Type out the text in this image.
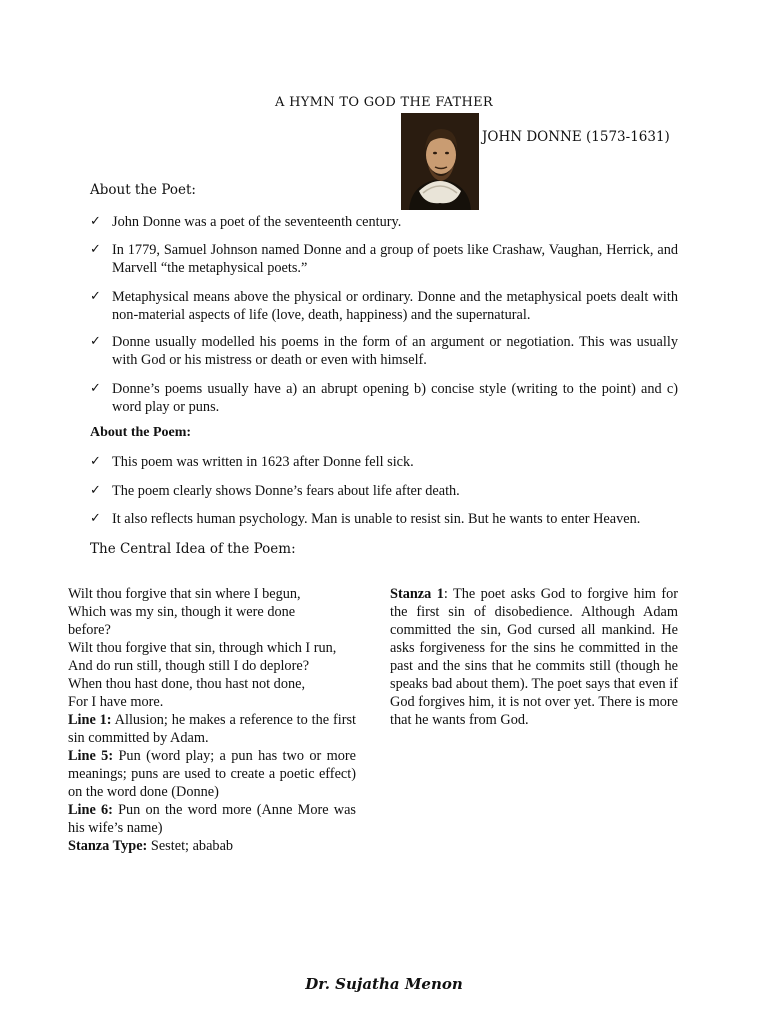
A HYMN TO GOD THE FATHER
JOHN DONNE (1573-1631)
About the Poet:
✓ John Donne was a poet of the seventeenth century.
✓ In 1779, Samuel Johnson named Donne and a group of poets like Crashaw, Vaughan, Herrick, and Marvell “the metaphysical poets.”
✓ Metaphysical means above the physical or ordinary. Donne and the metaphysical poets dealt with non-material aspects of life (love, death, happiness) and the supernatural.
✓ Donne usually modelled his poems in the form of an argument or negotiation. This was usually with God or his mistress or death or even with himself.
✓ Donne’s poems usually have a) an abrupt opening b) concise style (writing to the point) and c) word play or puns.
About the Poem:
✓ This poem was written in 1623 after Donne fell sick.
✓ The poem clearly shows Donne’s fears about life after death.
✓ It also reflects human psychology. Man is unable to resist sin. But he wants to enter Heaven.
The Central Idea of the Poem:
Wilt thou forgive that sin where I begun,
Which was my sin, though it were done
before?
Wilt thou forgive that sin, through which I run,
And do run still, though still I do deplore?
When thou hast done, thou hast not done,
For I have more.
Line 1: Allusion; he makes a reference to the first sin committed by Adam.
Line 5: Pun (word play; a pun has two or more meanings; puns are used to create a poetic effect) on the word done (Donne)
Line 6: Pun on the word more (Anne More was his wife’s name)
Stanza Type: Sestet; ababab
Stanza 1: The poet asks God to forgive him for the first sin of disobedience. Although Adam committed the sin, God cursed all mankind. He asks forgiveness for the sins he committed in the past and the sins that he commits still (though he speaks bad about them). The poet says that even if God forgives him, it is not over yet. There is more that he wants from God.
Dr. Sujatha Menon
